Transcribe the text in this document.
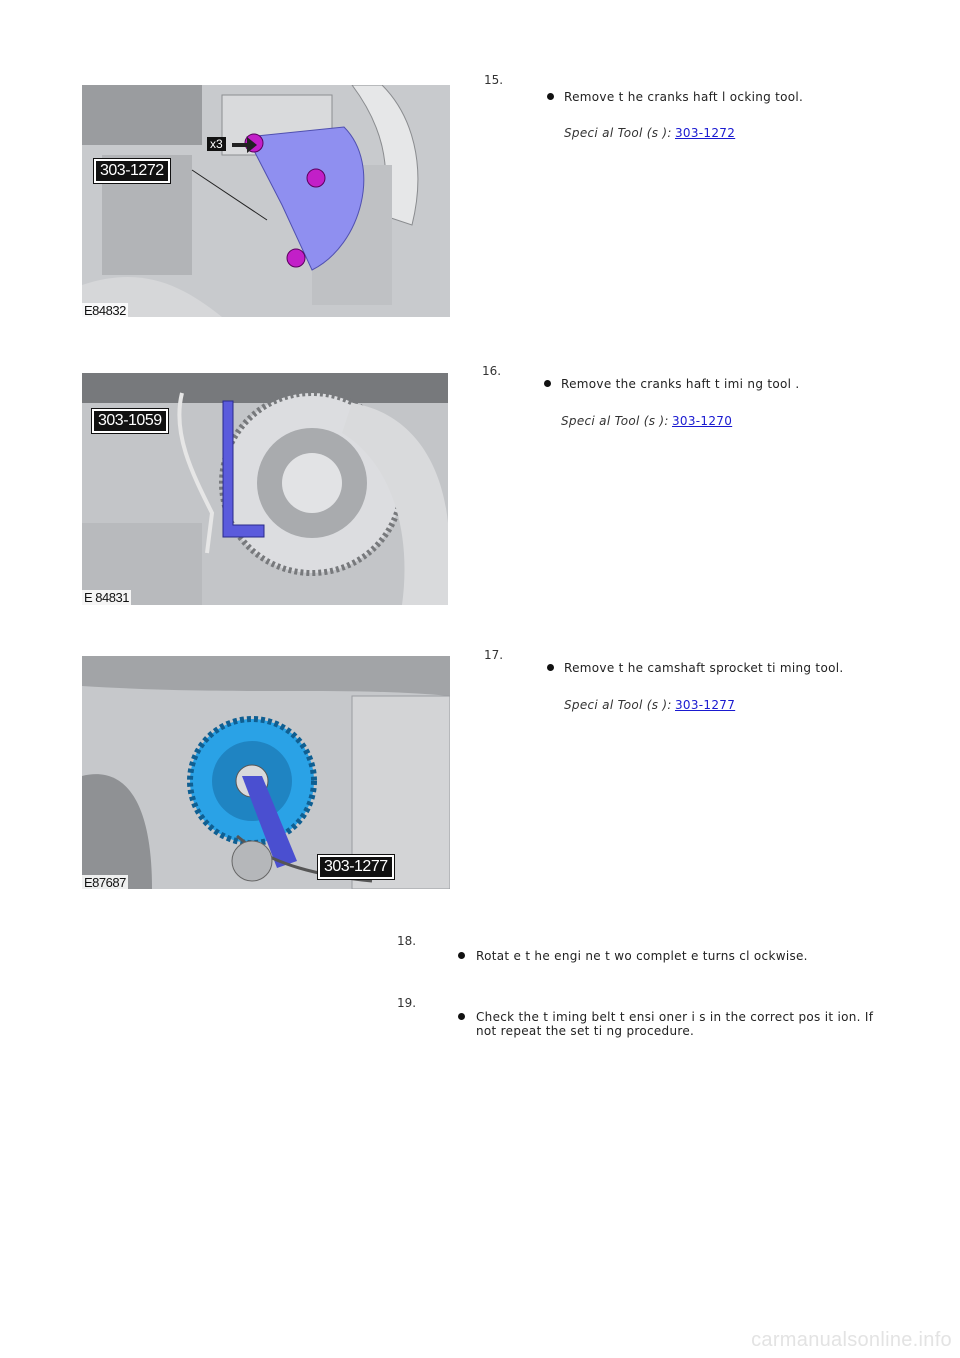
x3
303-1272
E84832
15.
Remove t he cranks haft l ocking tool.
Speci al Tool (s ): 303-1272
303-1059
E 84831
16.
Remove the cranks haft t imi ng tool .
Speci al Tool (s ): 303-1270
303-1277
E87687
17.
Remove t he camshaft sprocket ti ming tool.
Speci al Tool (s ): 303-1277
18.
Rotat e t he engi ne t wo complet e turns cl ockwise.
19.
Check the t iming belt t ensi oner i s in the correct pos it ion. If
not repeat the set ti ng procedure.
carmanualsonline.info
